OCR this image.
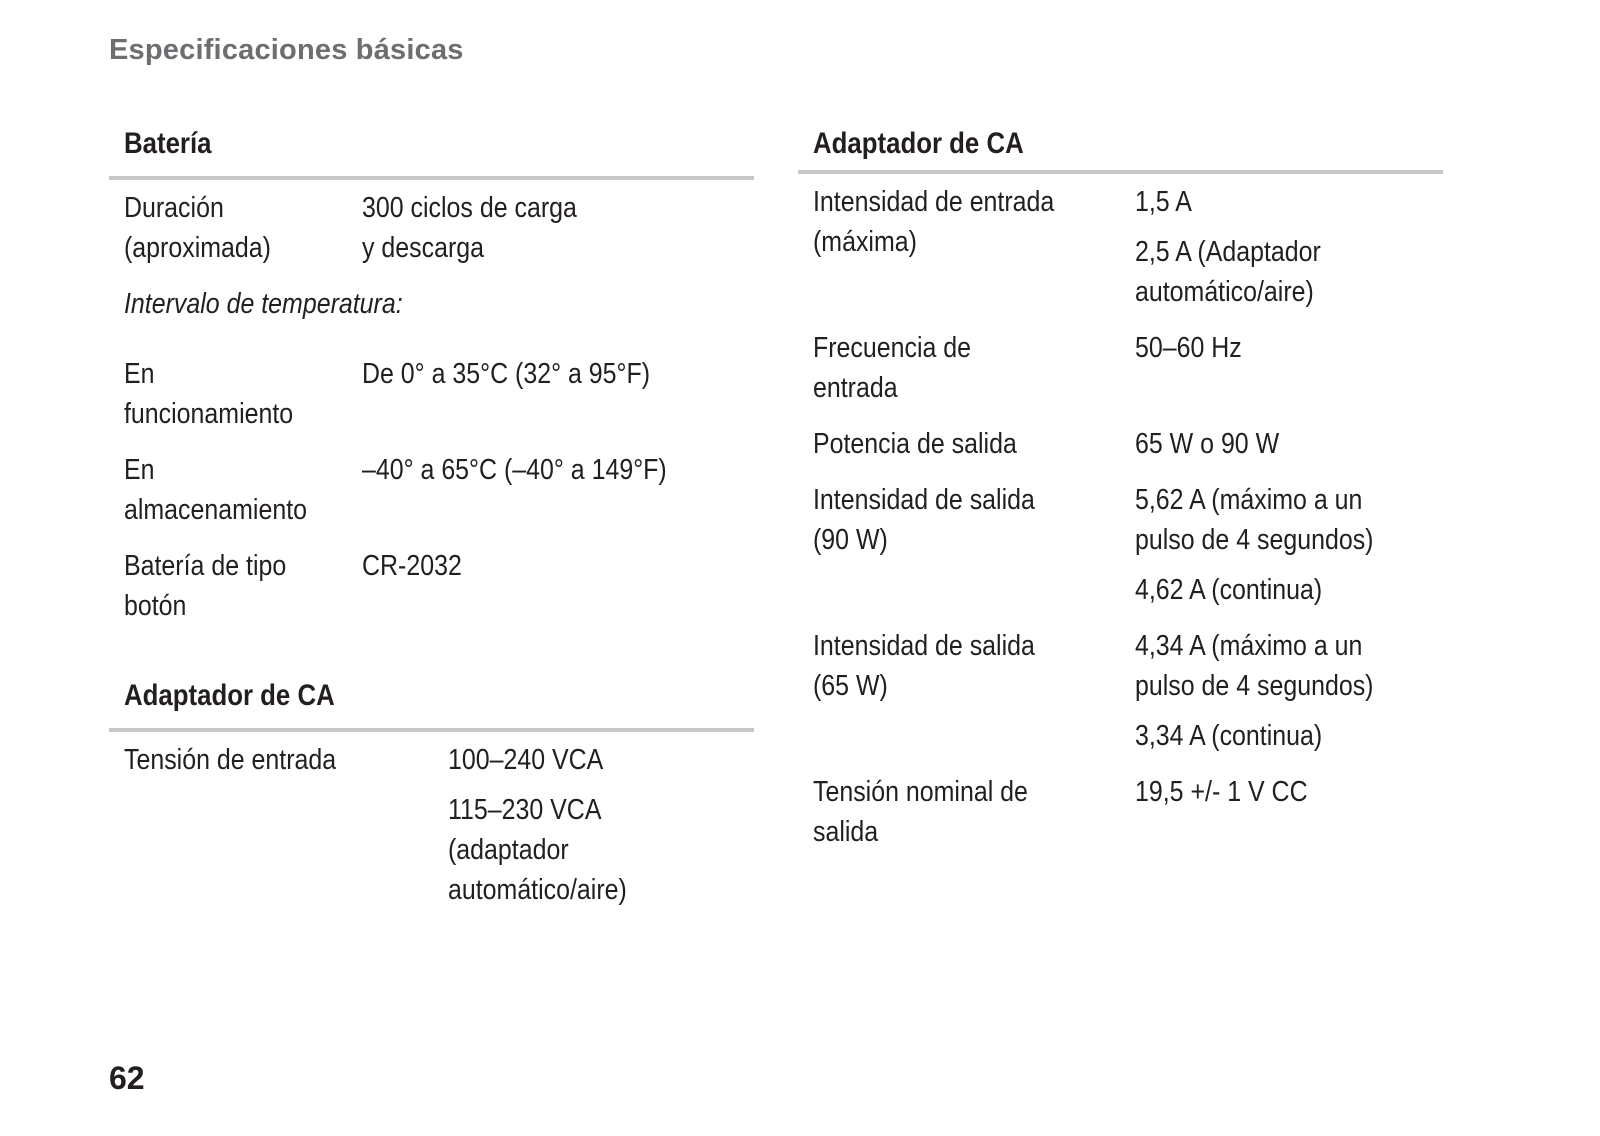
Especificaciones básicas
Batería
Duración
(aproximada)
300 ciclos de carga
y descarga
Intervalo de temperatura:
En
funcionamiento
De 0° a 35°C (32° a 95°F)
En
almacenamiento
–40° a 65°C (–40° a 149°F)
Batería de tipo
botón
CR-2032
Adaptador de CA
Tensión de entrada	100–240 VCA
115–230 VCA
(adaptador
automático/aire)
Adaptador de CA
Intensidad de entrada
(máxima)
1,5 A
2,5 A (Adaptador
automático/aire)
Frecuencia de
entrada
50–60 Hz
Potencia de salida	65 W o 90 W
Intensidad de salida
(90 W)
5,62 A (máximo a un
pulso de 4 segundos)
4,62 A (continua)
Intensidad de salida
(65 W)
4,34 A (máximo a un
pulso de 4 segundos)
3,34 A (continua)
Tensión nominal de
salida
19,5 +/- 1 V CC
62
